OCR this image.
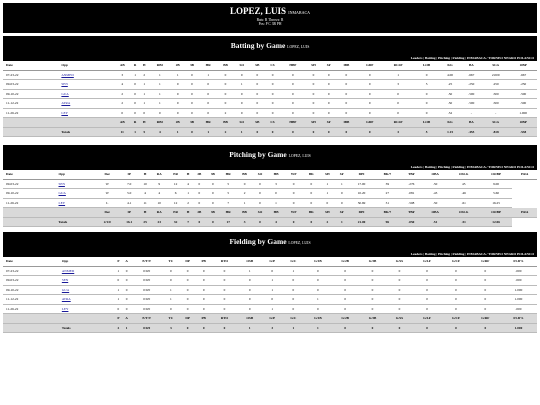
LOPEZ, LUIS INMABACA
Bats: R Throws: R
Pos: P C 3B PH
Games ▾
Batting by Game LOPEZ, LUIS
Leaders | Batting | Pitching | Fielding | INMABACA / TORNEO NEGRO POLANCO
Date	Opp	AB	R	H	RBI	2B	3B	HR	BB	SO	SB	CS	HBP	SH	SF	IBB	GDP	RLSP	LOB	KG	BA	SLG	OBP
07-23-22	ANMED	3	1	2	1	1	0	1	0	0	0	0	0	0	0	0	0	1	0	4.00	.667	2.000	.667
09-03-22	SEN	4	0	1	1	0	0	0	0	1	0	0	0	0	0	0	0	3	5	.25	.250	.250	.250
09-10-22	GUA	2	0	1	1	0	0	0	0	0	0	0	0	0	0	0	0	0	0	.50	.500	.500	.500
11-12-22	ATRA	2	0	1	1	0	0	0	0	0	0	0	0	0	0	0	0	0	0	.50	.500	.500	.500
11-26-22	LEY	0	0	0	0	0	0	0	2	0	0	0	0	0	0	0	0	0	0	.52	-	-	1.000
		AB	R	H	RBI	2B	3B	HR	BB	SO	SB	CS	HBP	SH	SF	IBB	GDP	RLSP	LOB	KG	BA	SLG	OBP
	Totals	11	1	5	4	1	0	1	2	1	0	0	0	0	0	0	0	3	5	1.15	.455	.818	.538
Pitching by Game LOPEZ, LUIS
Leaders | Batting | Pitching | Fielding | INMABACA / TORNEO NEGRO POLANCO
Date	Opp	Dec	IP	H	RA	ER	H	2B	3B	HR	BB	SO	HB	WP	BK	SH	SF	DPI	BK/7	TBF	OBA	OSLG	OOBP	ERA
09-03-22	SEN	W	7.0	10	9	12	4	0	0	5	0	0	3	0	0	1	1	17.00	39	.276	.50	45	9.00	
09-10-22	GUA	W	5.0	4	4	6	1	0	0	5	2	0	0	0	0	1	0	10.20	27	.081	.43	.46	5.60	
11-26-22	LEY	L	4.1	11	10	12	2	0	0	7	1	0	1	0	0	0	0	50.69	31	.508	.50	.61	16.25	
		Dec	IP	H	RA	ER	H	2B	3B	HR	BB	SO	HB	WP	BK	SH	SF	DPI	BK/7	TBF	OBA	OSLG	OOBP	ERA
	Totals	2/1/0	16.1	25	23	32	7	0	0	17	3	0	4	0	0	2	1	21.00	96	.050	.51	.51	12.06	
Fielding by Game LOPEZ, LUIS
Leaders | Batting | Pitching | Fielding | INMABACA / TORNEO NEGRO POLANCO
Date	Opp	P	A	E/T/T	TC	DP	PB	RTO	OSB	G/P	G/C	G/1B	G/2B	G/3B	G/SS	G/LF	G/CF	G/RF	FLD%
07-23-22	ANMED	1	0	0/0/0	0	0	0	0	1	0	1	0	0	0	0	0	0	0	.000
09-03-22	SEN	0	0	0/0/0	0	0	0	0	0	1	0	0	0	0	0	0	0	0	.000
09-10-22	GUA	1	0	0/0/0	1	0	0	0	0	1	0	0	0	0	0	0	0	0	1.000
11-12-22	ATRA	1	0	0/0/0	1	0	0	0	0	0	0	1	0	0	0	0	0	0	1.000
11-26-22	LEY	0	0	0/0/0	0	0	0	0	0	1	0	0	0	0	0	0	0	0	.000
		P	A	E/T/T	TC	DP	PB	RTO	OSB	G/P	G/C	G/1B	G/2B	G/3B	G/SS	G/LF	G/CF	G/RF	FLD%
	Totals	2	1	0/0/0	3	0	0	0	1	3	1	1	0	0	0	0	0	0	1.000
